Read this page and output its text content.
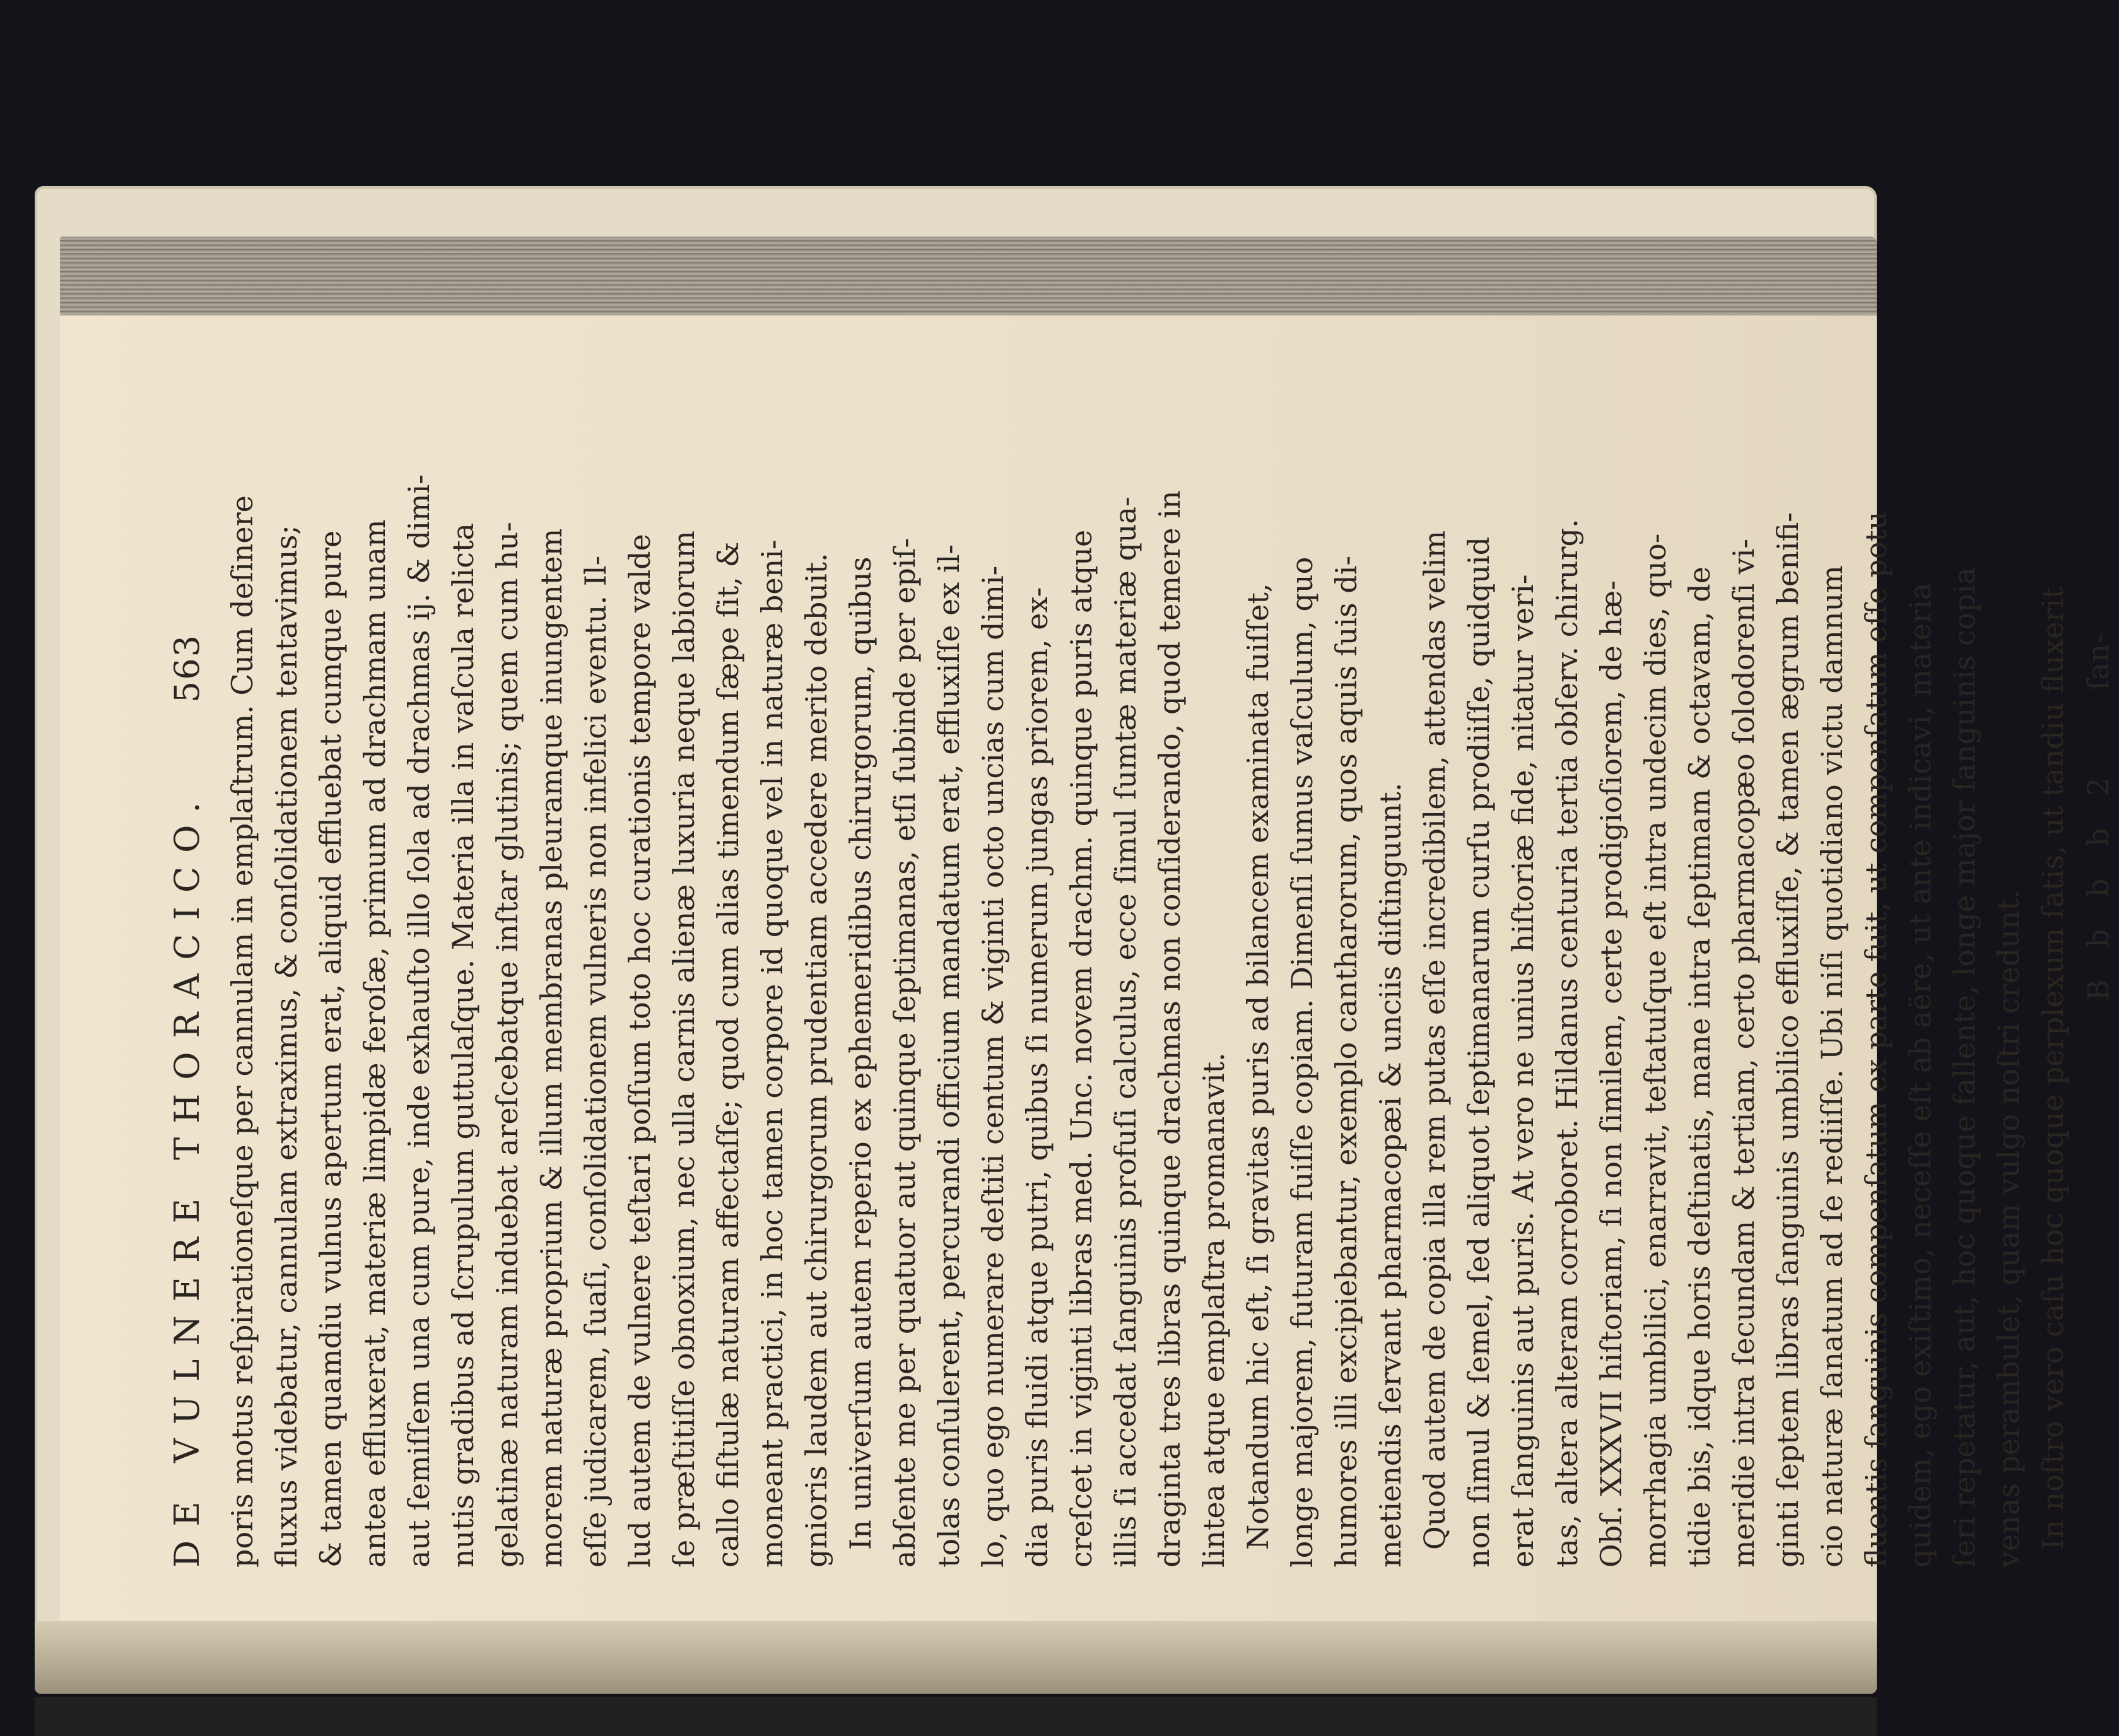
DE VULNERE THORACICO.
563 poris motus reſpirationeſque per cannulam in emplaſtrum. Cum deſinere fluxus videbatur, cannulam extraximus, & conſolidationem tentavimus; & tamen quamdiu vulnus apertum erat, aliquid effluebat cumque pure antea effluxerat, materiæ limpidæ feroſæ, primum ad drachmam unam aut ſemiſſem una cum pure, inde exhauſto illo ſola ad drachmas ij. & dimi- nutis gradibus ad ſcrupulum guttulaſque. Materia illa in vaſcula relicta gelatinæ naturam induebat areſcebatque inſtar glutinis; quem cum hu- morem naturæ proprium & illum membranas pleuramque inungentem eſſe judicarem, ſuaſi, conſolidationem vulneris non infelici eventu. Il- lud autem de vulnere teſtari poſſum toto hoc curationis tempore valde ſe præſtitiſſe obnoxium, nec ulla carnis alienæ luxuria neque labiorum callo fiſtulæ naturam affectaſſe; quod cum alias timendum ſæpe ſit, & moneant practici, in hoc tamen corpore id quoque vel in naturæ beni- gnioris laudem aut chirurgorum prudentiam accedere merito debuit. In univerſum autem reperio ex ephemeridibus chirurgorum, quibus abſente me per quatuor aut quinque ſeptimanas, etſi ſubinde per epiſ- tolas conſulerent, percurandi officium mandatum erat, effluxiſſe ex il- lo, quo ego numerare deſtiti centum & viginti octo uncias cum dimi- dia puris fluidi atque putri, quibus ſi numerum jungas priorem, ex- creſcet in viginti libras med. Unc. novem drachm. quinque puris atque illis ſi accedat ſanguinis profuſi calculus, ecce ſimul ſumtæ materiæ qua- draginta tres libras quinque drachmas non conſiderando, quod temere in lintea atque emplaſtra promanavit. Notandum hic eſt, ſi gravitas puris ad bilancem examinata fuiſſet, longe majorem, futuram fuiſſe copiam. Dimenſi ſumus vaſculum, quo humores illi excipiebantur, exemplo cantharorum, quos aquis ſuis di- metiendis ſervant pharmacopæi & unciis diſtinguunt. Quod autem de copia illa rem putas eſſe incredibilem, attendas velim non ſimul & ſemel, ſed aliquot ſeptimanarum curſu prodiiſſe, quidquid erat ſanguinis aut puris. At vero ne unius hiſtoriæ fide, nitatur veri- tas, altera alteram corroboret. Hildanus centuria tertia obſerv. chirurg. Obſ. XXXVII hiſtoriam, ſi non ſimilem, certe prodigioſiorem, de hæ- morrhagia umbilici, enarravit, teſtatuſque eſt intra undecim dies, quo- tidie bis, idque horis deſtinatis, mane intra ſeptimam & octavam, de meridie intra ſecundam & tertiam, certo pharmacopæo ſolodorenſi vi- ginti ſeptem libras ſanguinis umbilico effluxiſſe, & tamen ægrum benifi- cio naturæ ſanatum ad ſe rediiſſe. Ubi niſi quotidiano victu damnum fluentis ſanguinis compenſatum ex parte fuit, ut compenſatum eſſe potu quidem, ego exiſtimo, neceſſe eſt ab aëre, ut ante indicavi, materia ſeri repetatur, aut, hoc quoque fallente, longe major ſanguinis copia venas perambulet, quam vulgo noſtri credunt. In noſtro vero caſu hoc quoque perplexum ſatis, ut tandiu fluxerit B b b b 2
ſan-
